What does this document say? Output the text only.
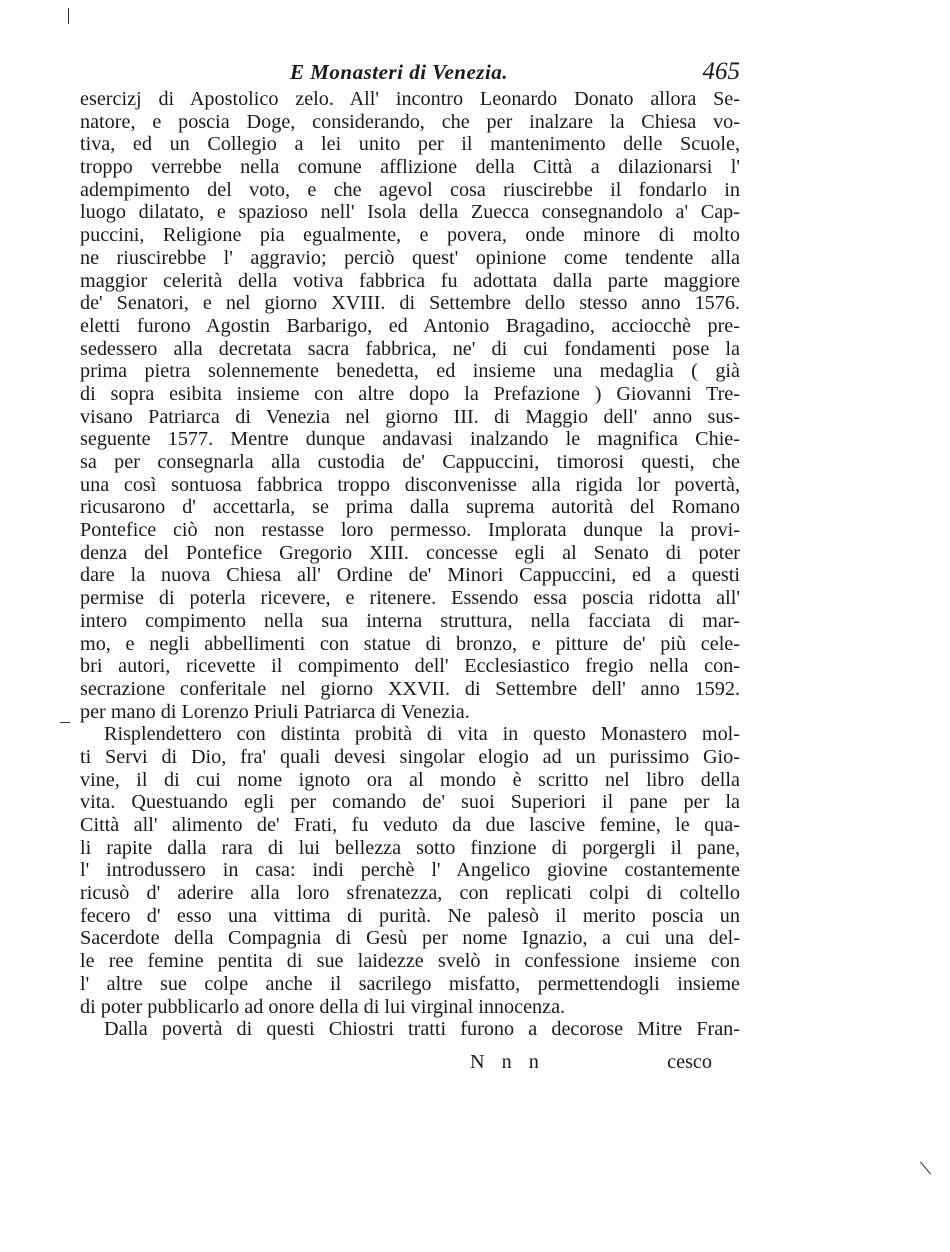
E Monasteri di Venezia.	465
esercizj di Apostolico zelo. All' incontro Leonardo Donato allora Se-
natore, e poscia Doge, considerando, che per inalzare la Chiesa vo-
tiva, ed un Collegio a lei unito per il mantenimento delle Scuole,
troppo verrebbe nella comune afflizione della Città a dilazionarsi l'
adempimento del voto, e che agevol cosa riuscirebbe il fondarlo in
luogo dilatato, e spazioso nell' Isola della Zuecca consegnandolo a' Cap-
puccini, Religione pia egualmente, e povera, onde minore di molto
ne riuscirebbe l' aggravio; perciò quest' opinione come tendente alla
maggior celerità della votiva fabbrica fu adottata dalla parte maggiore
de' Senatori, e nel giorno XVIII. di Settembre dello stesso anno 1576.
eletti furono Agostin Barbarigo, ed Antonio Bragadino, acciocchè pre-
sedessero alla decretata sacra fabbrica, ne' di cui fondamenti pose la
prima pietra solennemente benedetta, ed insieme una medaglia ( già
di sopra esibita insieme con altre dopo la Prefazione ) Giovanni Tre-
visano Patriarca di Venezia nel giorno III. di Maggio dell' anno sus-
seguente 1577. Mentre dunque andavasi inalzando le magnifica Chie-
sa per consegnarla alla custodia de' Cappuccini, timorosi questi, che
una così sontuosa fabbrica troppo disconvenisse alla rigida lor povertà,
ricusarono d' accettarla, se prima dalla suprema autorità del Romano
Pontefice ciò non restasse loro permesso. Implorata dunque la provi-
denza del Pontefice Gregorio XIII. concesse egli al Senato di poter
dare la nuova Chiesa all' Ordine de' Minori Cappuccini, ed a questi
permise di poterla ricevere, e ritenere. Essendo essa poscia ridotta all'
intero compimento nella sua interna struttura, nella facciata di mar-
mo, e negli abbellimenti con statue di bronzo, e pitture de' più cele-
bri autori, ricevette il compimento dell' Ecclesiastico fregio nella con-
secrazione conferitale nel giorno XXVII. di Settembre dell' anno 1592.
per mano di Lorenzo Priuli Patriarca di Venezia.
Risplendettero con distinta probità di vita in questo Monastero mol-
ti Servi di Dio, fra' quali devesi singolar elogio ad un purissimo Gio-
vine, il di cui nome ignoto ora al mondo è scritto nel libro della
vita. Questuando egli per comando de' suoi Superiori il pane per la
Città all' alimento de' Frati, fu veduto da due lascive femine, le qua-
li rapite dalla rara di lui bellezza sotto finzione di porgergli il pane,
l' introdussero in casa: indi perchè l' Angelico giovine costantemente
ricusò d' aderire alla loro sfrenatezza, con replicati colpi di coltello
fecero d' esso una vittima di purità. Ne palesò il merito poscia un
Sacerdote della Compagnia di Gesù per nome Ignazio, a cui una del-
le ree femine pentita di sue laidezze svelò in confessione insieme con
l' altre sue colpe anche il sacrilego misfatto, permettendogli insieme
di poter pubblicarlo ad onore della di lui virginal innocenza.
Dalla povertà di questi Chiostri tratti furono a decorose Mitre Fran-
N n n	cesco
